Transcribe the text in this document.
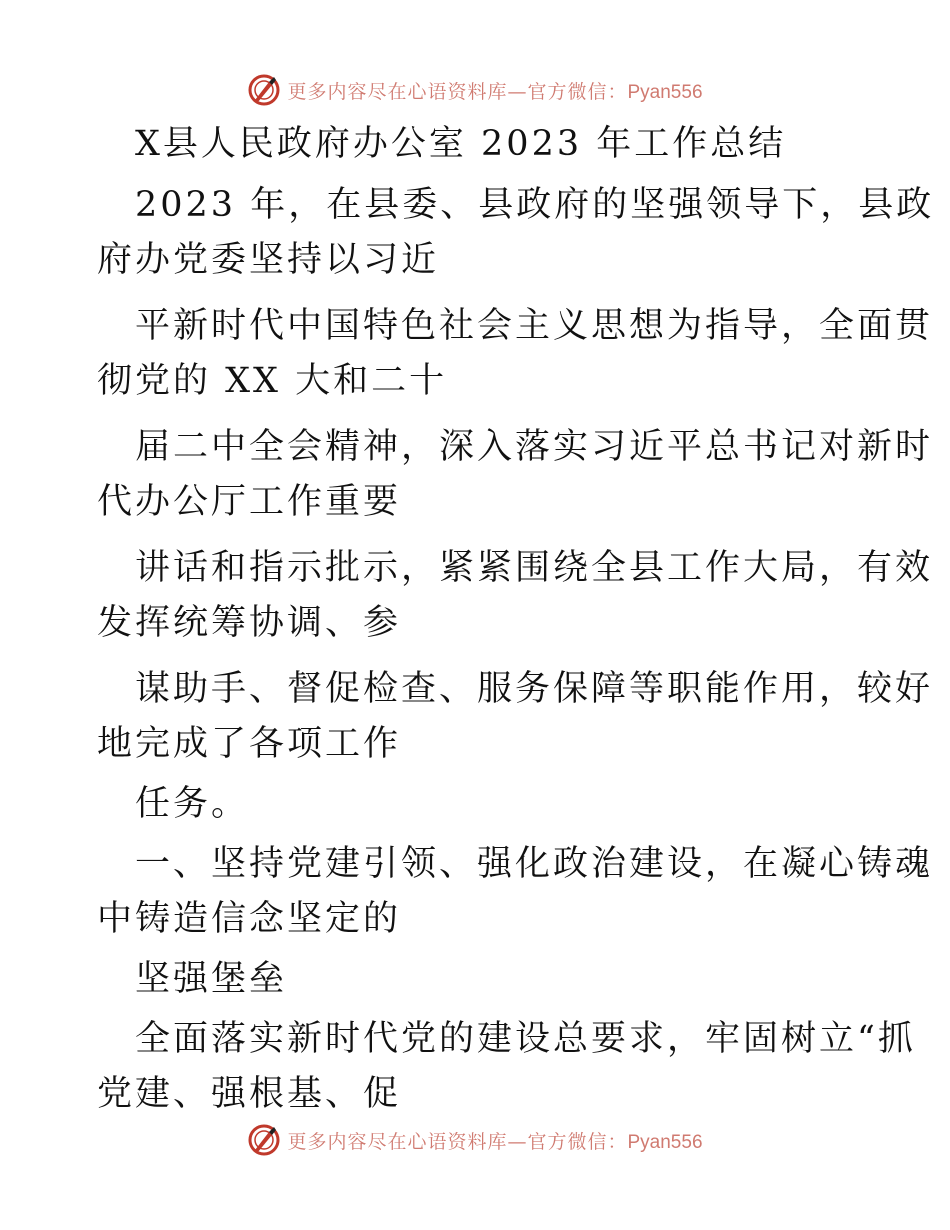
更多内容尽在心语资料库—官方微信：Pyan556
X县人民政府办公室 2023 年工作总结
2023 年，在县委、县政府的坚强领导下，县政
府办党委坚持以习近
平新时代中国特色社会主义思想为指导，全面贯
彻党的 XX 大和二十
届二中全会精神，深入落实习近平总书记对新时
代办公厅工作重要
讲话和指示批示，紧紧围绕全县工作大局，有效
发挥统筹协调、参
谋助手、督促检查、服务保障等职能作用，较好
地完成了各项工作
任务。
一、坚持党建引领、强化政治建设，在凝心铸魂
中铸造信念坚定的
坚强堡垒
全面落实新时代党的建设总要求，牢固树立“抓
党建、强根基、促
更多内容尽在心语资料库—官方微信：Pyan556
